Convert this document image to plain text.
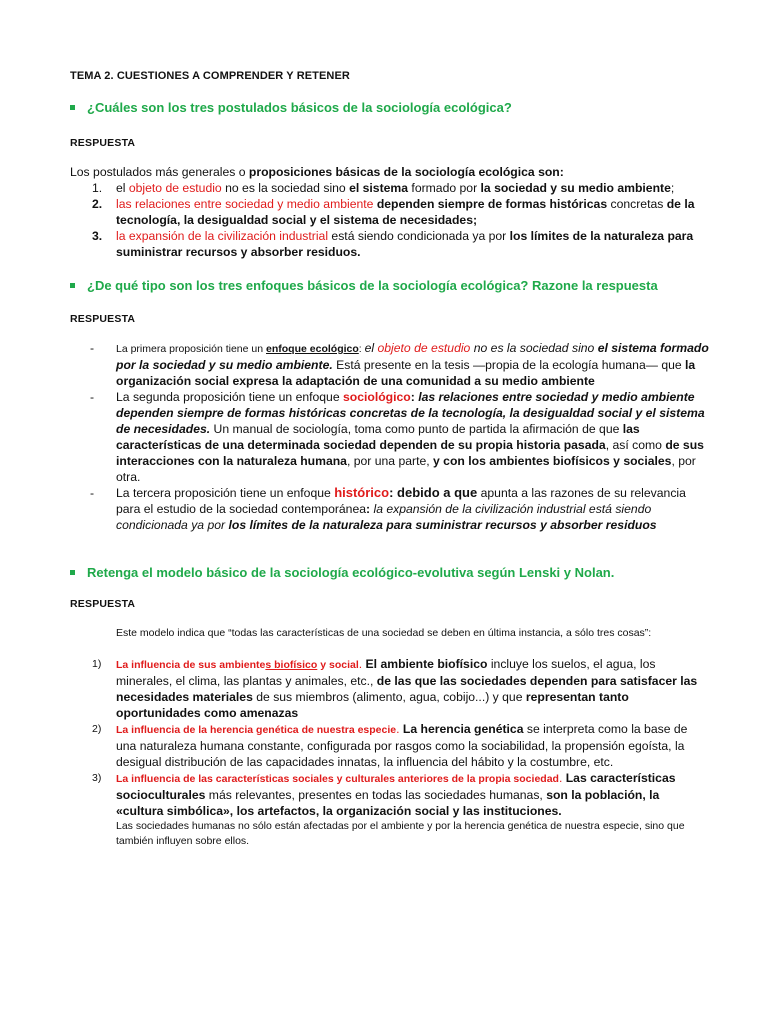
TEMA 2. CUESTIONES A COMPRENDER Y RETENER
¿Cuáles son los tres postulados básicos de la sociología ecológica?
RESPUESTA

Los postulados más generales o proposiciones básicas de la sociología ecológica son:

1. el objeto de estudio no es la sociedad sino el sistema formado por la sociedad y su medio ambiente;
2. las relaciones entre sociedad y medio ambiente dependen siempre de formas históricas concretas de la tecnología, la desigualdad social y el sistema de necesidades;
3. la expansión de la civilización industrial está siendo condicionada ya por los límites de la naturaleza para suministrar recursos y absorber residuos.
¿De qué tipo son los tres enfoques básicos de la sociología ecológica? Razone la respuesta
RESPUESTA
- La primera proposición tiene un enfoque ecológico: el objeto de estudio no es la sociedad sino el sistema formado por la sociedad y su medio ambiente. Está presente en la tesis —propia de la ecología humana— que la organización social expresa la adaptación de una comunidad a su medio ambiente
- La segunda proposición tiene un enfoque sociológico: las relaciones entre sociedad y medio ambiente dependen siempre de formas históricas concretas de la tecnología, la desigualdad social y el sistema de necesidades. Un manual de sociología, toma como punto de partida la afirmación de que las características de una determinada sociedad dependen de su propia historia pasada, así como de sus interacciones con la naturaleza humana, por una parte, y con los ambientes biofísicos y sociales, por otra.
- La tercera proposición tiene un enfoque histórico: debido a que apunta a las razones de su relevancia para el estudio de la sociedad contemporánea: la expansión de la civilización industrial está siendo condicionada ya por los límites de la naturaleza para suministrar recursos y absorber residuos
Retenga el modelo básico de la sociología ecológico-evolutiva según Lenski y Nolan.
RESPUESTA
Este modelo indica que “todas las características de una sociedad se deben en última instancia, a sólo tres cosas”:
1) La influencia de sus ambientes biofísico y social. El ambiente biofísico incluye los suelos, el agua, los minerales, el clima, las plantas y animales, etc., de las que las sociedades dependen para satisfacer las necesidades materiales de sus miembros (alimento, agua, cobijo...) y que representan tanto oportunidades como amenazas
2) La influencia de la herencia genética de nuestra especie. La herencia genética se interpreta como la base de una naturaleza humana constante, configurada por rasgos como la sociabilidad, la propensión egoísta, la desigual distribución de las capacidades innatas, la influencia del hábito y la costumbre, etc.
3) La influencia de las características sociales y culturales anteriores de la propia sociedad. Las características socioculturales más relevantes, presentes en todas las sociedades humanas, son la población, la «cultura simbólica», los artefactos, la organización social y las instituciones.
Las sociedades humanas no sólo están afectadas por el ambiente y por la herencia genética de nuestra especie, sino que también influyen sobre ellos.
